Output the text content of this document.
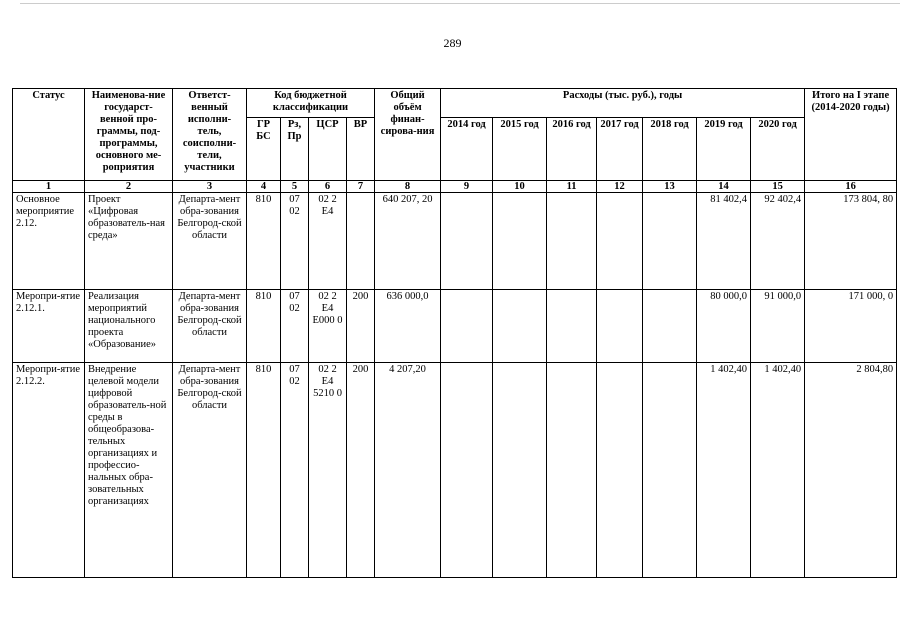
289
Статус	Наименова-ние государст-венной про-граммы, под-программы, основного ме-роприятия	Ответст-венный исполни-тель, соисполни-тели, участники	Код бюджетной классификации				Общий объём финан-сирова-ния	Расходы (тыс. руб.), годы							Итого на I этапе (2014-2020 годы)
			ГР БС	Рз, Пр	ЦСР	ВР		2014 год	2015 год	2016 год	2017 год	2018 год	2019 год	2020 год	
1	2	3	4	5	6	7	8	9	10	11	12	13	14	15	16
Основное мероприятие 2.12.	Проект «Цифровая образователь-ная среда»	Департа-мент обра-зования Белгород-ской области	810	07 02	02 2 E4		640 207, 20						81 402,4	92 402,4	173 804, 80
Меропри-ятие 2.12.1.	Реализация мероприятий национального проекта «Образование»	Департа-мент обра-зования Белгород-ской области	810	07 02	02 2 E4 E000 0	200	636 000,0						80 000,0	91 000,0	171 000, 0
Меропри-ятие 2.12.2.	Внедрение целевой модели цифровой образователь-ной среды в общеобразова-тельных организациях и профессио-нальных обра-зовательных организациях	Департа-мент обра-зования Белгород-ской области	810	07 02	02 2 E4 5210 0	200	4 207,20						1 402,40	1 402,40	2 804,80
